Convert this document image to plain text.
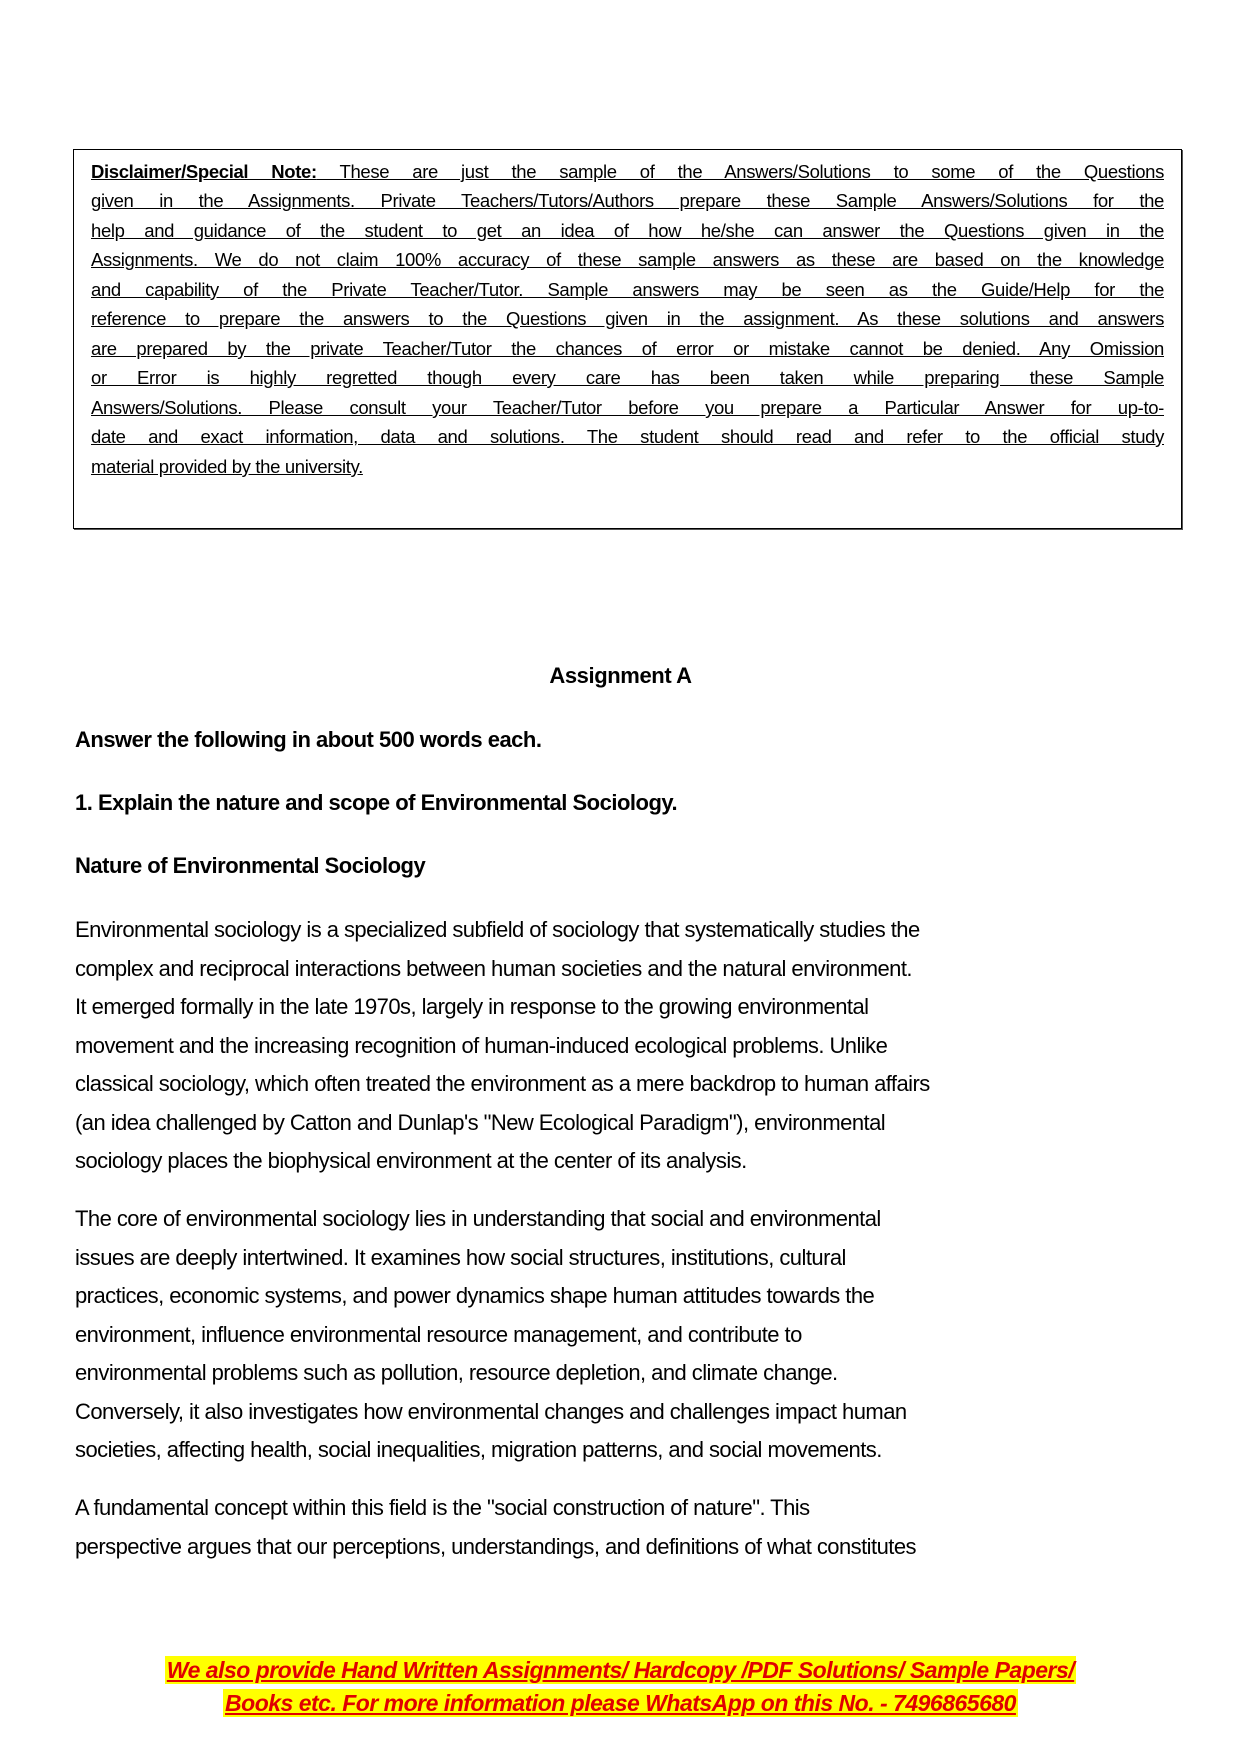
Disclaimer/Special Note: These are just the sample of the Answers/Solutions to some of the Questions
given in the Assignments. Private Teachers/Tutors/Authors prepare these Sample Answers/Solutions for the
help and guidance of the student to get an idea of how he/she can answer the Questions given in the
Assignments. We do not claim 100% accuracy of these sample answers as these are based on the knowledge
and capability of the Private Teacher/Tutor. Sample answers may be seen as the Guide/Help for the
reference to prepare the answers to the Questions given in the assignment. As these solutions and answers
are prepared by the private Teacher/Tutor the chances of error or mistake cannot be denied. Any Omission
or Error is highly regretted though every care has been taken while preparing these Sample
Answers/Solutions. Please consult your Teacher/Tutor before you prepare a Particular Answer for up-to-
date and exact information, data and solutions. The student should read and refer to the official study
material provided by the university.
Assignment A
Answer the following in about 500 words each.
1. Explain the nature and scope of Environmental Sociology.
Nature of Environmental Sociology
Environmental sociology is a specialized subfield of sociology that systematically studies the
complex and reciprocal interactions between human societies and the natural environment.
It emerged formally in the late 1970s, largely in response to the growing environmental
movement and the increasing recognition of human-induced ecological problems. Unlike
classical sociology, which often treated the environment as a mere backdrop to human affairs
(an idea challenged by Catton and Dunlap's "New Ecological Paradigm"), environmental
sociology places the biophysical environment at the center of its analysis.
The core of environmental sociology lies in understanding that social and environmental
issues are deeply intertwined. It examines how social structures, institutions, cultural
practices, economic systems, and power dynamics shape human attitudes towards the
environment, influence environmental resource management, and contribute to
environmental problems such as pollution, resource depletion, and climate change.
Conversely, it also investigates how environmental changes and challenges impact human
societies, affecting health, social inequalities, migration patterns, and social movements.
A fundamental concept within this field is the "social construction of nature". This
perspective argues that our perceptions, understandings, and definitions of what constitutes
We also provide Hand Written Assignments/ Hardcopy /PDF Solutions/ Sample Papers/
Books etc. For more information please WhatsApp on this No. - 7496865680
